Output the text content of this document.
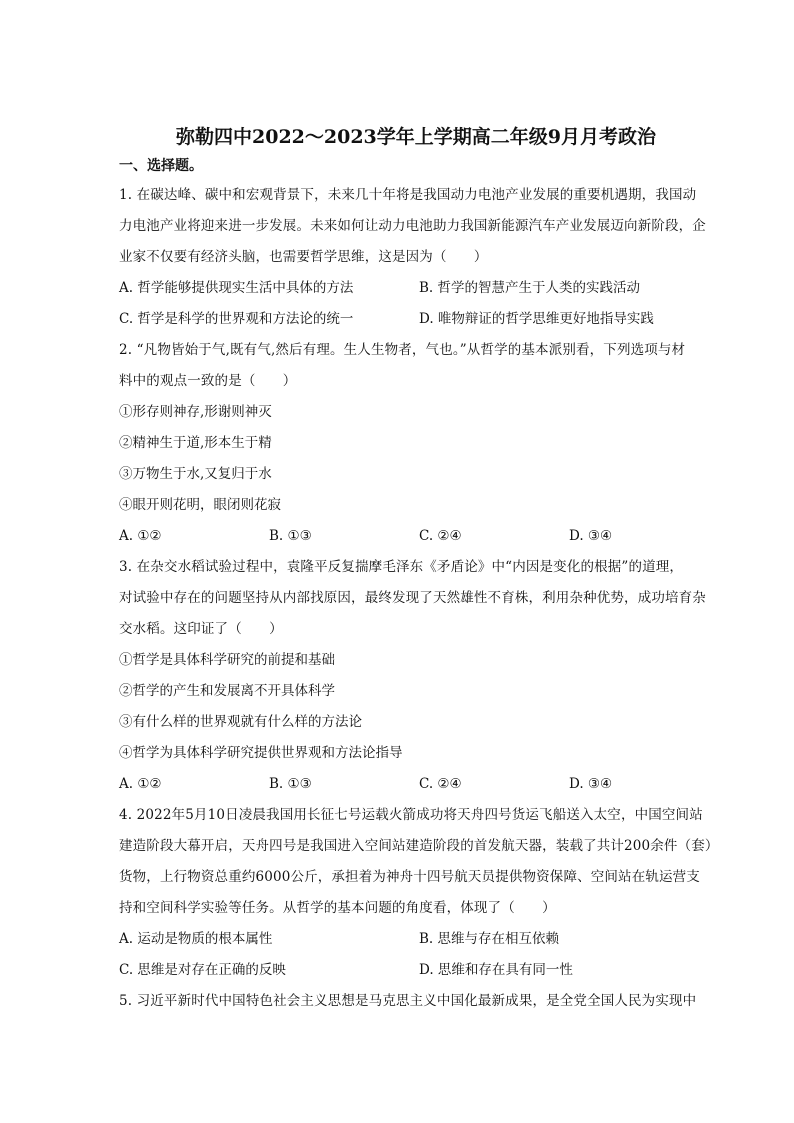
弥勒四中2022～2023学年上学期高二年级9月月考政治
一、选择题。
1. 在碳达峰、碳中和宏观背景下，未来几十年将是我国动力电池产业发展的重要机遇期，我国动
力电池产业将迎来进一步发展。未来如何让动力电池助力我国新能源汽车产业发展迈向新阶段，企
业家不仅要有经济头脑，也需要哲学思维，这是因为（　　）
A. 哲学能够提供现实生活中具体的方法	B. 哲学的智慧产生于人类的实践活动
C. 哲学是科学的世界观和方法论的统一	D. 唯物辩证的哲学思维更好地指导实践
2. “凡物皆始于气,既有气,然后有理。生人生物者，气也。”从哲学的基本派别看，下列选项与材
料中的观点一致的是（　　）
①形存则神存,形谢则神灭
②精神生于道,形本生于精
③万物生于水,又复归于水
④眼开则花明，眼闭则花寂
A. ①②	B. ①③	C. ②④	D. ③④
3. 在杂交水稻试验过程中，袁隆平反复揣摩毛泽东《矛盾论》中“内因是变化的根据”的道理，
对试验中存在的问题坚持从内部找原因，最终发现了天然雄性不育株，利用杂种优势，成功培育杂
交水稻。这印证了（　　）
①哲学是具体科学研究的前提和基础
②哲学的产生和发展离不开具体科学
③有什么样的世界观就有什么样的方法论
④哲学为具体科学研究提供世界观和方法论指导
A. ①②	B. ①③	C. ②④	D. ③④
4. 2022年5月10日凌晨我国用长征七号运载火箭成功将天舟四号货运飞船送入太空，中国空间站
建造阶段大幕开启，天舟四号是我国进入空间站建造阶段的首发航天器，装载了共计200余件（套）
货物，上行物资总重约6000公斤，承担着为神舟十四号航天员提供物资保障、空间站在轨运营支
持和空间科学实验等任务。从哲学的基本问题的角度看，体现了（　　）
A. 运动是物质的根本属性	B. 思维与存在相互依赖
C. 思维是对存在正确的反映	D. 思维和存在具有同一性
5. 习近平新时代中国特色社会主义思想是马克思主义中国化最新成果，是全党全国人民为实现中
